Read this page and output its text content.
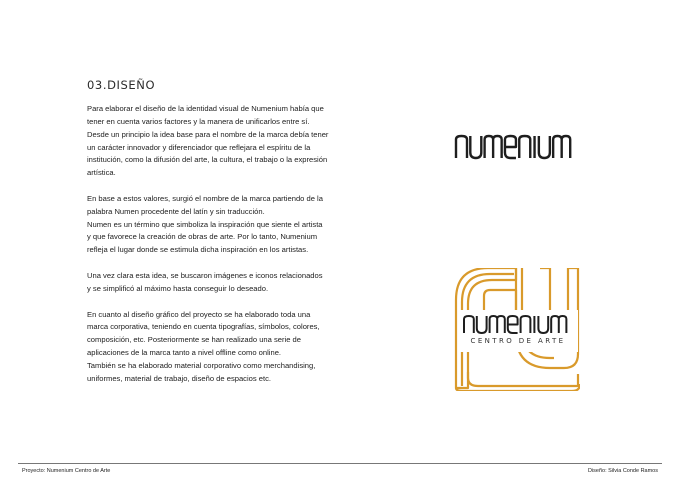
03.DISEÑO
Para elaborar el diseño de la identidad visual de Numenium había que
tener en cuenta varios factores y la manera de unificarlos entre sí.
Desde un principio la idea base para el nombre de la marca debía tener
un carácter innovador y diferenciador que reflejara el espíritu de la
institución, como la difusión del arte, la cultura, el trabajo o la expresión
artística.
En base a estos valores, surgió el nombre de la marca partiendo de la
palabra Numen procedente del latín y sin traducción.
Numen es un término que simboliza la inspiración que siente el artista
y que favorece la creación de obras de arte. Por lo tanto, Numenium
refleja el lugar donde se estimula dicha inspiración en los artistas.
Una vez clara esta idea, se buscaron imágenes e iconos relacionados
y se simplificó al máximo hasta conseguir lo deseado.
En cuanto al diseño gráfico del proyecto se ha elaborado toda una
marca corporativa, teniendo en cuenta tipografías, símbolos, colores,
composición, etc. Posteriormente se han realizado una serie de
aplicaciones de la marca tanto a nivel offline como online.
También se ha elaborado material corporativo como merchandising,
uniformes, material de trabajo, diseño de espacios etc.
CENTRO DE ARTE
Proyecto: Numenium Centro de Arte	Diseño: Silvia Conde Ramos
